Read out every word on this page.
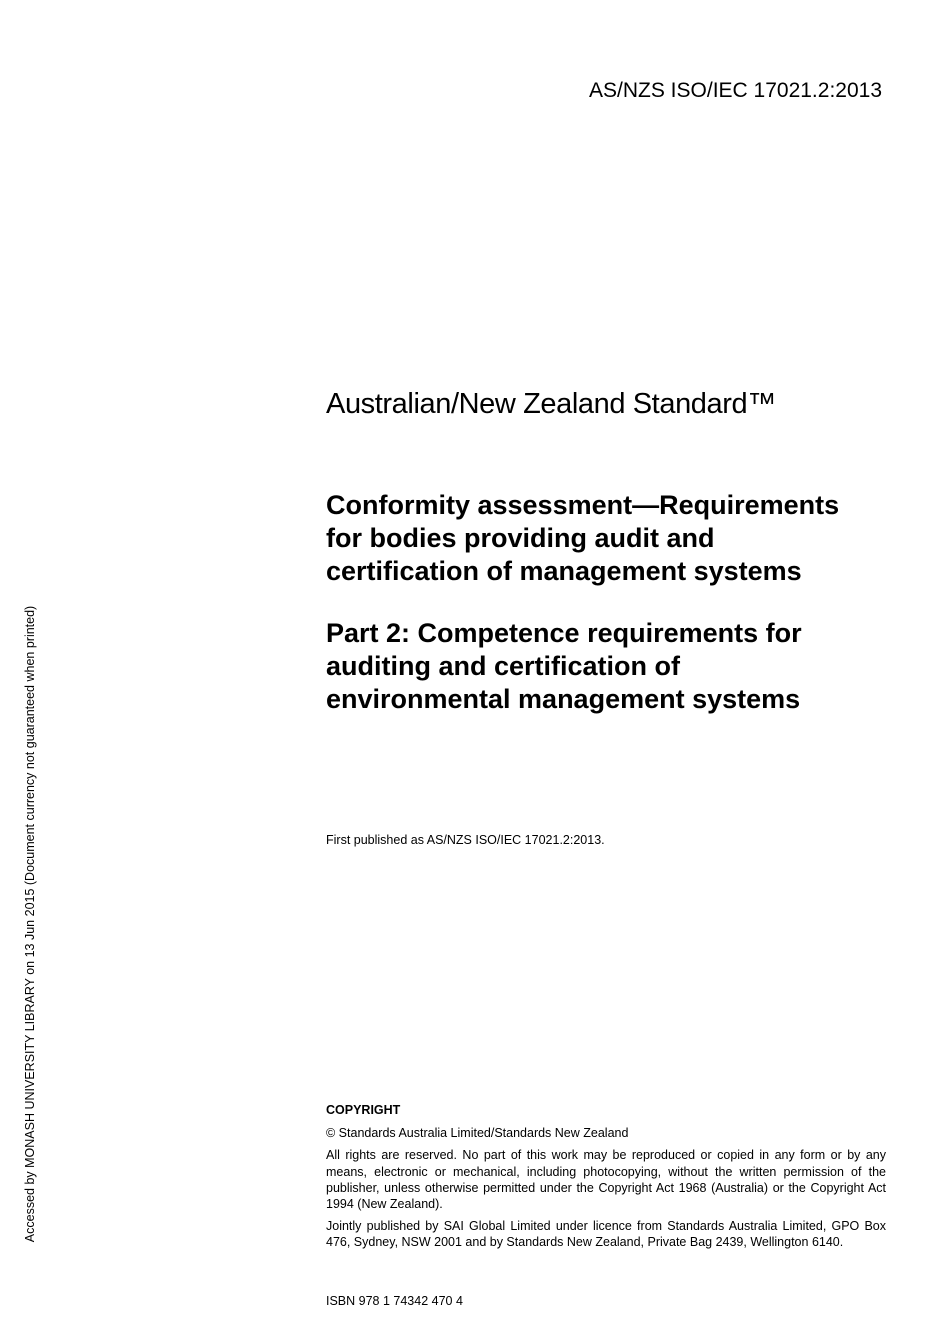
AS/NZS ISO/IEC 17021.2:2013
Accessed by MONASH UNIVERSITY LIBRARY on 13 Jun 2015 (Document currency not guaranteed when printed)
Australian/New Zealand Standard™
Conformity assessment—Requirements
for bodies providing audit and
certification of management systems
Part 2: Competence requirements for
auditing and certification of
environmental management systems
First published as AS/NZS ISO/IEC 17021.2:2013.

COPYRIGHT

© Standards Australia Limited/Standards New Zealand

All rights are reserved. No part of this work may be reproduced or copied in any form or by any means, electronic or mechanical, including photocopying, without the written permission of the publisher, unless otherwise permitted under the Copyright Act 1968 (Australia) or the Copyright Act 1994 (New Zealand).

Jointly published by SAI Global Limited under licence from Standards Australia Limited, GPO Box 476, Sydney, NSW 2001 and by Standards New Zealand, Private Bag 2439, Wellington 6140.

ISBN 978 1 74342 470 4
